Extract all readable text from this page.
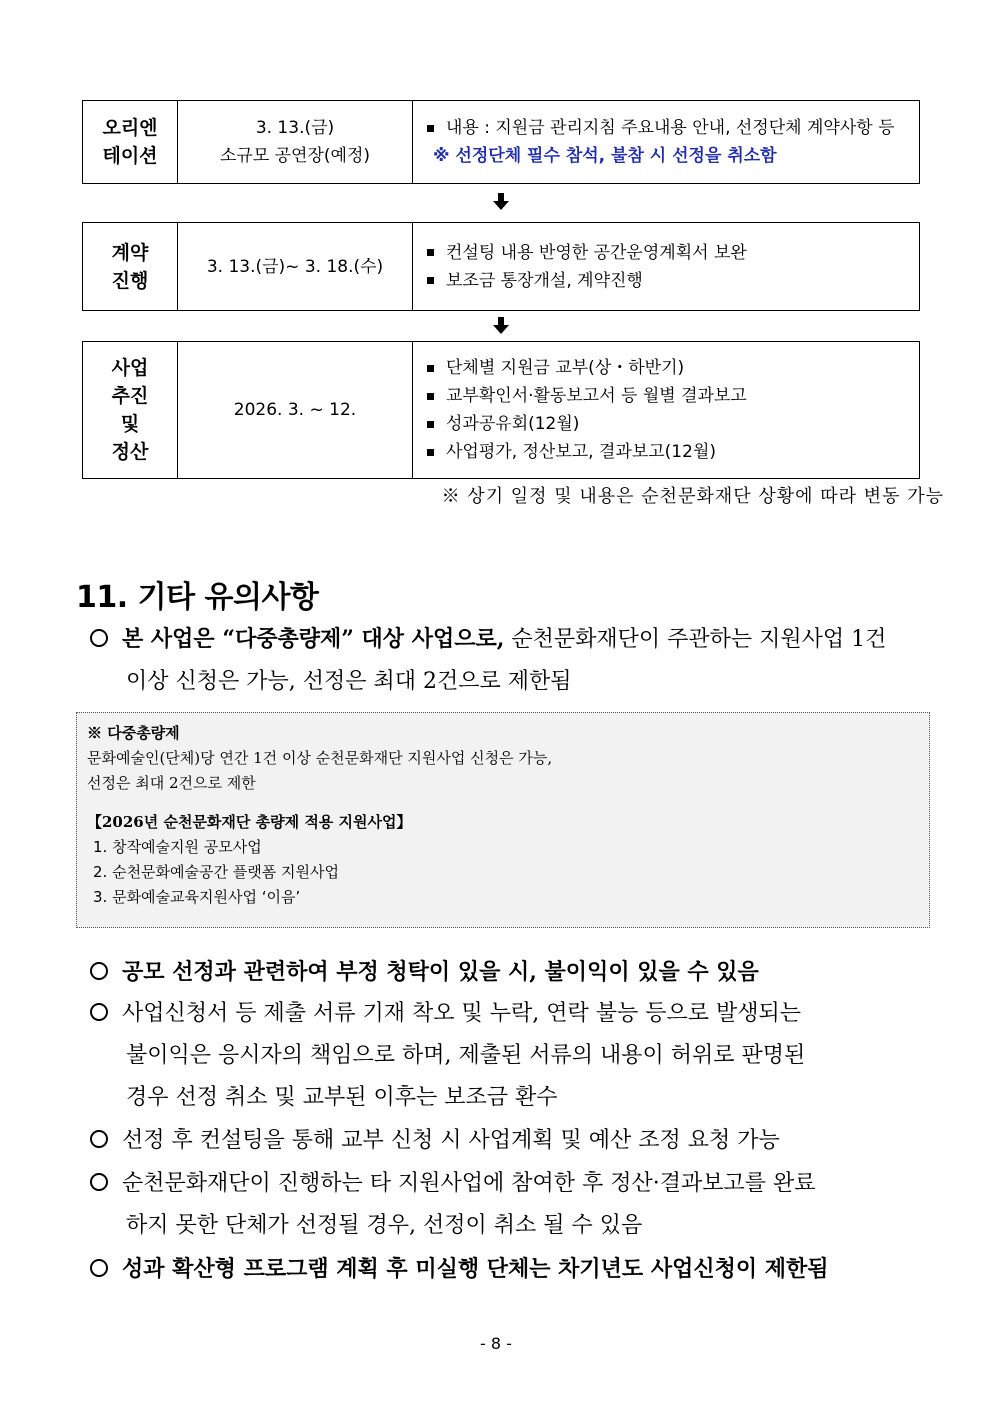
오리엔
테이션
3. 13.(금)
소규모 공연장(예정)
내용 : 지원금 관리지침 주요내용 안내, 선정단체 계약사항 등
※ 선정단체 필수 참석, 불참 시 선정을 취소함
계약
진행
3. 13.(금)~ 3. 18.(수)
컨설팅 내용 반영한 공간운영계획서 보완
보조금 통장개설, 계약진행
사업
추진
및
정산
2026. 3. ~ 12.
단체별 지원금 교부(상・하반기)
교부확인서·활동보고서 등 월별 결과보고
성과공유회(12월)
사업평가, 정산보고, 결과보고(12월)
※ 상기 일정 및 내용은 순천문화재단 상황에 따라 변동 가능
11. 기타 유의사항
본 사업은 “다중총량제” 대상 사업으로, 순천문화재단이 주관하는 지원사업 1건
이상 신청은 가능, 선정은 최대 2건으로 제한됨
※ 다중총량제
문화예술인(단체)당 연간 1건 이상 순천문화재단 지원사업 신청은 가능,
선정은 최대 2건으로 제한
【2026년 순천문화재단 총량제 적용 지원사업】
1. 창작예술지원 공모사업
2. 순천문화예술공간 플랫폼 지원사업
3. 문화예술교육지원사업 ‘이음’
공모 선정과 관련하여 부정 청탁이 있을 시, 불이익이 있을 수 있음
사업신청서 등 제출 서류 기재 착오 및 누락, 연락 불능 등으로 발생되는
불이익은 응시자의 책임으로 하며, 제출된 서류의 내용이 허위로 판명된
경우 선정 취소 및 교부된 이후는 보조금 환수
선정 후 컨설팅을 통해 교부 신청 시 사업계획 및 예산 조정 요청 가능
순천문화재단이 진행하는 타 지원사업에 참여한 후 정산·결과보고를 완료
하지 못한 단체가 선정될 경우, 선정이 취소 될 수 있음
성과 확산형 프로그램 계획 후 미실행 단체는 차기년도 사업신청이 제한됨
- 8 -
